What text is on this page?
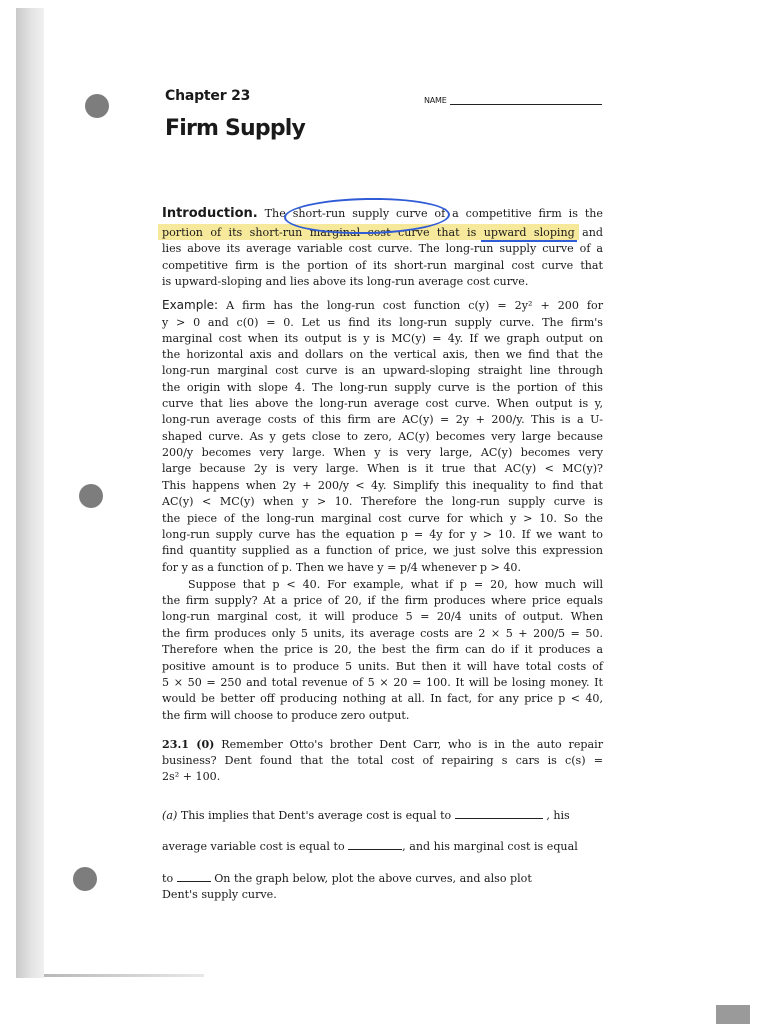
Chapter 23	NAME
Firm Supply
Introduction. The short-run supply curve of a competitive firm is the
portion of its short-run marginal cost curve that is upward sloping and
lies above its average variable cost curve. The long-run supply curve of a
competitive firm is the portion of its short-run marginal cost curve that
is upward-sloping and lies above its long-run average cost curve.
Example: A firm has the long-run cost function c(y) = 2y² + 200 for
y > 0 and c(0) = 0. Let us find its long-run supply curve. The firm's
marginal cost when its output is y is MC(y) = 4y. If we graph output on
the horizontal axis and dollars on the vertical axis, then we find that the
long-run marginal cost curve is an upward-sloping straight line through
the origin with slope 4. The long-run supply curve is the portion of this
curve that lies above the long-run average cost curve. When output is y,
long-run average costs of this firm are AC(y) = 2y + 200/y. This is a U-
shaped curve. As y gets close to zero, AC(y) becomes very large because
200/y becomes very large. When y is very large, AC(y) becomes very
large because 2y is very large. When is it true that AC(y) < MC(y)?
This happens when 2y + 200/y < 4y. Simplify this inequality to find that
AC(y) < MC(y) when y > 10. Therefore the long-run supply curve is
the piece of the long-run marginal cost curve for which y > 10. So the
long-run supply curve has the equation p = 4y for y > 10. If we want to
find quantity supplied as a function of price, we just solve this expression
for y as a function of p. Then we have y = p/4 whenever p > 40.
Suppose that p < 40. For example, what if p = 20, how much will
the firm supply? At a price of 20, if the firm produces where price equals
long-run marginal cost, it will produce 5 = 20/4 units of output. When
the firm produces only 5 units, its average costs are 2 × 5 + 200/5 = 50.
Therefore when the price is 20, the best the firm can do if it produces a
positive amount is to produce 5 units. But then it will have total costs of
5 × 50 = 250 and total revenue of 5 × 20 = 100. It will be losing money. It
would be better off producing nothing at all. In fact, for any price p < 40,
the firm will choose to produce zero output.
23.1 (0) Remember Otto's brother Dent Carr, who is in the auto repair
business? Dent found that the total cost of repairing s cars is c(s) =
2s² + 100.
(a) This implies that Dent's average cost is equal to	, his
average variable cost is equal to	, and his marginal cost is equal
to	On the graph below, plot the above curves, and also plot
Dent's supply curve.
